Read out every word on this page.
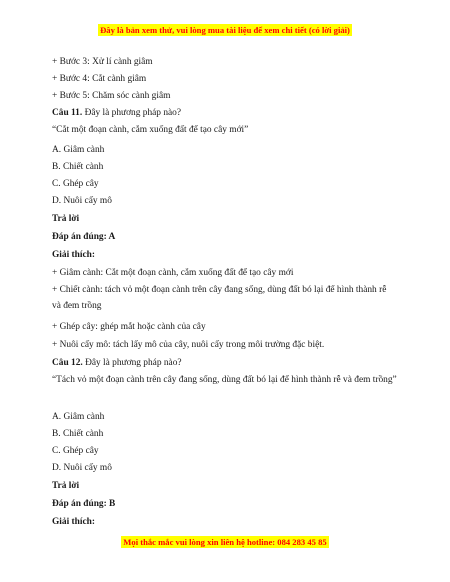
Đây là bản xem thử, vui lòng mua tài liệu để xem chi tiết (có lời giải)
+ Bước 3: Xử lí cành giâm
+ Bước 4: Cắt cành giâm
+ Bước 5: Chăm sóc cành giâm
Câu 11. Đây là phương pháp nào?
“Cắt một đoạn cành, cắm xuống đất để tạo cây mới”
A. Giâm cành
B. Chiết cành
C. Ghép cây
D. Nuôi cấy mô
Trả lời
Đáp án đúng: A
Giải thích:
+ Giâm cành: Cắt một đoạn cành, cắm xuống đất để tạo cây mới
+ Chiết cành: tách vỏ một đoạn cành trên cây đang sống, dùng đất bó lại để hình thành rễ và đem trồng
+ Ghép cây: ghép mắt hoặc cành của cây
+ Nuôi cấy mô: tách lấy mô của cây, nuôi cấy trong môi trường đặc biệt.
Câu 12. Đây là phương pháp nào?
“Tách vỏ một đoạn cành trên cây đang sống, dùng đất bó lại để hình thành rễ và đem trồng”
A. Giâm cành
B. Chiết cành
C. Ghép cây
D. Nuôi cấy mô
Trả lời
Đáp án đúng: B
Giải thích:
Mọi thắc mắc vui lòng xin liên hệ hotline: 084 283 45 85
